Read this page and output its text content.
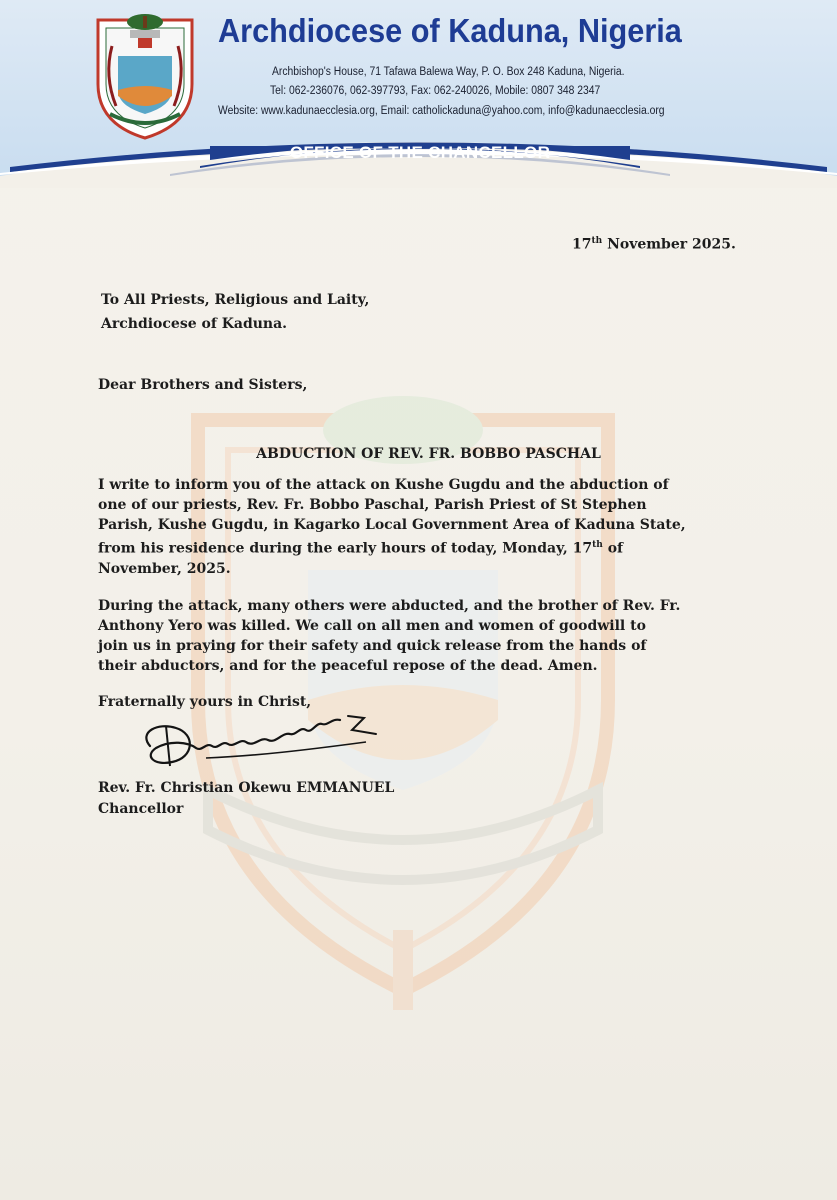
OFFICE OF THE CHANCELLOR
Archdiocese of Kaduna, Nigeria
Archbishop's House, 71 Tafawa Balewa Way, P. O. Box 248 Kaduna, Nigeria.
Tel: 062-236076, 062-397793, Fax: 062-240026, Mobile: 0807 348 2347
Website: www.kadunaecclesia.org, Email: catholickaduna@yahoo.com, info@kadunaecclesia.org
17th November 2025.
To All Priests, Religious and Laity,
Archdiocese of Kaduna.
Dear Brothers and Sisters,
ABDUCTION OF REV. FR. BOBBO PASCHAL
I write to inform you of the attack on Kushe Gugdu and the abduction of
one of our priests, Rev. Fr. Bobbo Paschal, Parish Priest of St Stephen
Parish, Kushe Gugdu, in Kagarko Local Government Area of Kaduna State,
from his residence during the early hours of today, Monday, 17th of
November, 2025.
During the attack, many others were abducted, and the brother of Rev. Fr.
Anthony Yero was killed. We call on all men and women of goodwill to
join us in praying for their safety and quick release from the hands of
their abductors, and for the peaceful repose of the dead. Amen.
Fraternally yours in Christ,
Rev. Fr. Christian Okewu EMMANUEL
Chancellor
